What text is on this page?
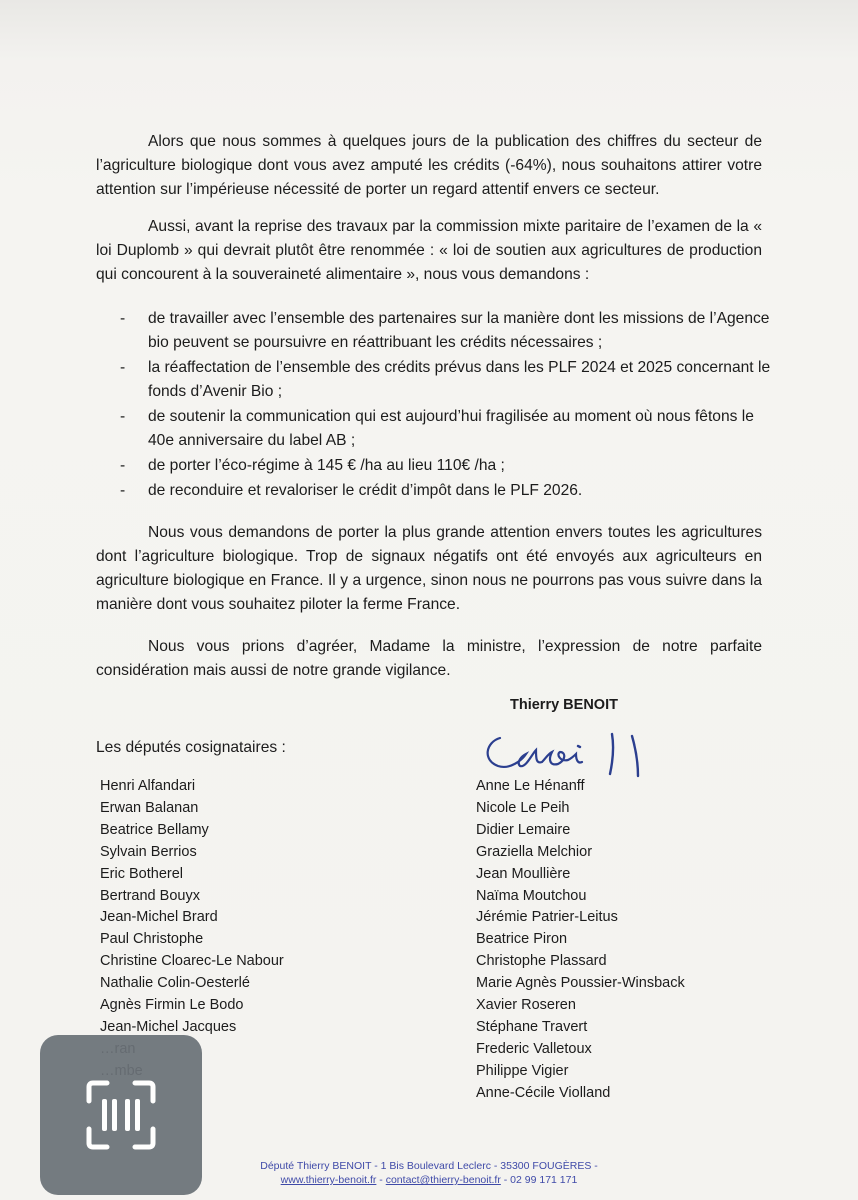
Alors que nous sommes à quelques jours de la publication des chiffres du secteur de l’agriculture biologique dont vous avez amputé les crédits (-64%), nous souhaitons attirer votre attention sur l’impérieuse nécessité de porter un regard attentif envers ce secteur.
Aussi, avant la reprise des travaux par la commission mixte paritaire de l’examen de la « loi Duplomb » qui devrait plutôt être renommée : « loi de soutien aux agricultures de production qui concourent à la souveraineté alimentaire », nous vous demandons :
- de travailler avec l’ensemble des partenaires sur la manière dont les missions de l’Agence bio peuvent se poursuivre en réattribuant les crédits nécessaires ;
- la réaffectation de l’ensemble des crédits prévus dans les PLF 2024 et 2025 concernant le fonds d’Avenir Bio ;
- de soutenir la communication qui est aujourd’hui fragilisée au moment où nous fêtons le 40e anniversaire du label AB ;
- de porter l’éco-régime à 145 € /ha au lieu 110€ /ha ;
- de reconduire et revaloriser le crédit d’impôt dans le PLF 2026.
Nous vous demandons de porter la plus grande attention envers toutes les agricultures dont l’agriculture biologique. Trop de signaux négatifs ont été envoyés aux agriculteurs en agriculture biologique en France. Il y a urgence, sinon nous ne pourrons pas vous suivre dans la manière dont vous souhaitez piloter la ferme France.
Nous vous prions d’agréer, Madame la ministre, l’expression de notre parfaite considération mais aussi de notre grande vigilance.
Thierry BENOIT
Les députés cosignataires :
Henri Alfandari
Erwan Balanan
Beatrice Bellamy
Sylvain Berrios
Eric Botherel
Bertrand Bouyx
Jean-Michel Brard
Paul Christophe
Christine Cloarec-Le Nabour
Nathalie Colin-Oesterlé
Agnès Firmin Le Bodo
Jean-Michel Jacques
Anne Le Hénanff
Nicole Le Peih
Didier Lemaire
Graziella Melchior
Jean Moullière
Naïma Moutchou
Jérémie Patrier-Leitus
Beatrice Piron
Christophe Plassard
Marie Agnès Poussier-Winsback
Xavier Roseren
Stéphane Travert
Frederic Valletoux
Philippe Vigier
Anne-Cécile Violland
Député Thierry BENOIT - 1 Bis Boulevard Leclerc - 35300 FOUGÈRES -
www.thierry-benoit.fr - contact@thierry-benoit.fr - 02 99 171 171
